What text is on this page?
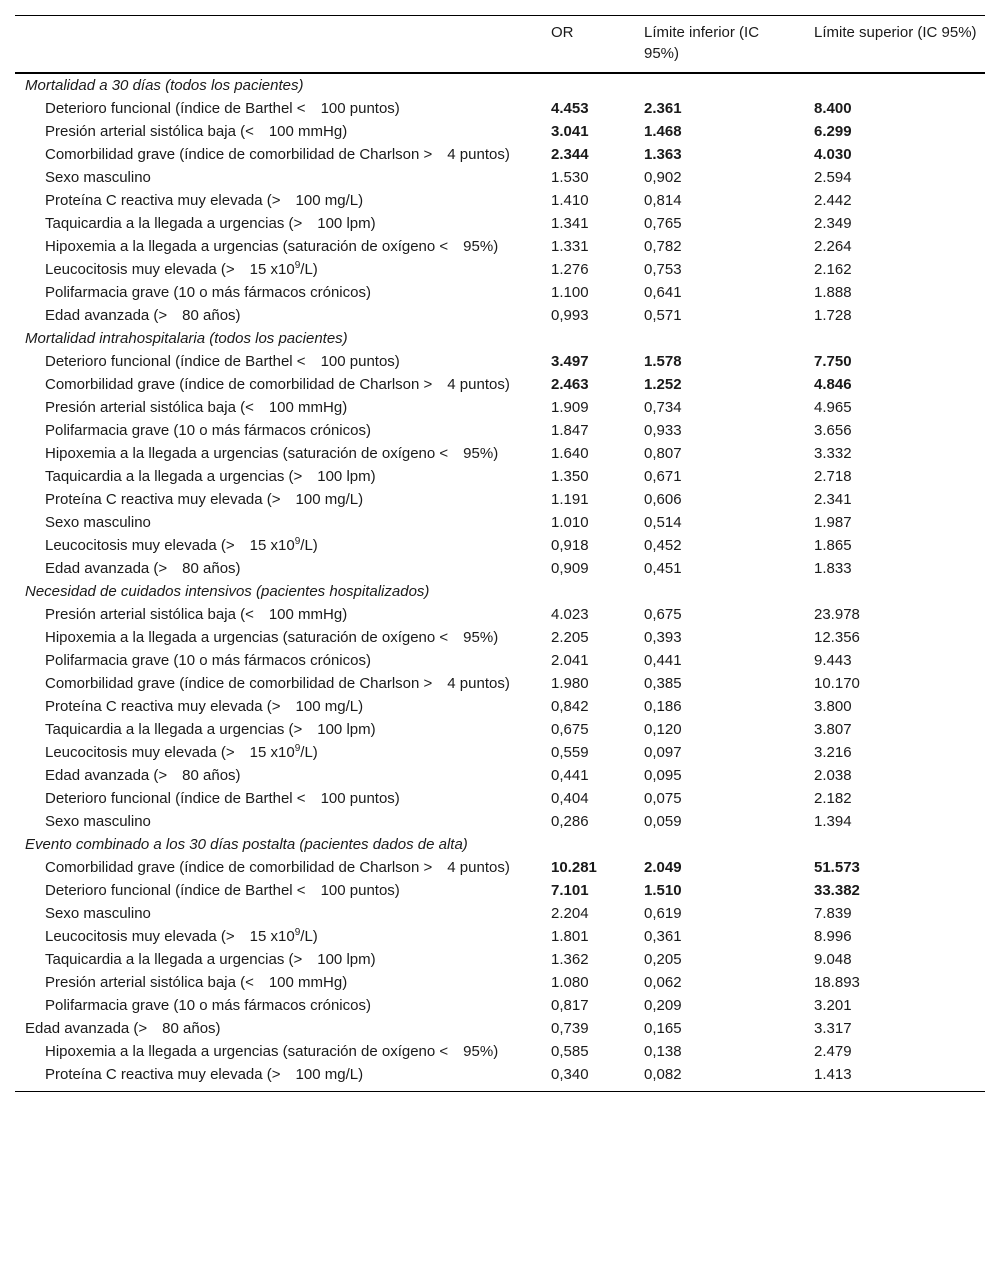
	OR	Límite inferior (IC 95%)	Límite superior (IC 95%)
Mortalidad a 30 días (todos los pacientes)			
Deterioro funcional (índice de Barthel < 100 puntos)	4.453	2.361	8.400
Presión arterial sistólica baja (< 100 mmHg)	3.041	1.468	6.299
Comorbilidad grave (índice de comorbilidad de Charlson > 4 puntos)	2.344	1.363	4.030
Sexo masculino	1.530	0,902	2.594
Proteína C reactiva muy elevada (> 100 mg/L)	1.410	0,814	2.442
Taquicardia a la llegada a urgencias (> 100 lpm)	1.341	0,765	2.349
Hipoxemia a la llegada a urgencias (saturación de oxígeno < 95%)	1.331	0,782	2.264
Leucocitosis muy elevada (> 15 $x10^9/L$)	1.276	0,753	2.162
Polifarmacia grave (10 o más fármacos crónicos)	1.100	0,641	1.888
Edad avanzada (> 80 años)	0,993	0,571	1.728
Mortalidad intrahospitalaria (todos los pacientes)			
Deterioro funcional (índice de Barthel < 100 puntos)	3.497	1.578	7.750
Comorbilidad grave (índice de comorbilidad de Charlson > 4 puntos)	2.463	1.252	4.846
Presión arterial sistólica baja (< 100 mmHg)	1.909	0,734	4.965
Polifarmacia grave (10 o más fármacos crónicos)	1.847	0,933	3.656
Hipoxemia a la llegada a urgencias (saturación de oxígeno < 95%)	1.640	0,807	3.332
Taquicardia a la llegada a urgencias (> 100 lpm)	1.350	0,671	2.718
Proteína C reactiva muy elevada (> 100 mg/L)	1.191	0,606	2.341
Sexo masculino	1.010	0,514	1.987
Leucocitosis muy elevada (> 15 $x10^9/L$)	0,918	0,452	1.865
Edad avanzada (> 80 años)	0,909	0,451	1.833
Necesidad de cuidados intensivos (pacientes hospitalizados)			
Presión arterial sistólica baja (< 100 mmHg)	4.023	0,675	23.978
Hipoxemia a la llegada a urgencias (saturación de oxígeno < 95%)	2.205	0,393	12.356
Polifarmacia grave (10 o más fármacos crónicos)	2.041	0,441	9.443
Comorbilidad grave (índice de comorbilidad de Charlson > 4 puntos)	1.980	0,385	10.170
Proteína C reactiva muy elevada (> 100 mg/L)	0,842	0,186	3.800
Taquicardia a la llegada a urgencias (> 100 lpm)	0,675	0,120	3.807
Leucocitosis muy elevada (> 15 $x10^9/L$)	0,559	0,097	3.216
Edad avanzada (> 80 años)	0,441	0,095	2.038
Deterioro funcional (índice de Barthel < 100 puntos)	0,404	0,075	2.182
Sexo masculino	0,286	0,059	1.394
Evento combinado a los 30 días postalta (pacientes dados de alta)			
Comorbilidad grave (índice de comorbilidad de Charlson > 4 puntos)	10.281	2.049	51.573
Deterioro funcional (índice de Barthel < 100 puntos)	7.101	1.510	33.382
Sexo masculino	2.204	0,619	7.839
Leucocitosis muy elevada (> 15 $x10^9/L$)	1.801	0,361	8.996
Taquicardia a la llegada a urgencias (> 100 lpm)	1.362	0,205	9.048
Presión arterial sistólica baja (< 100 mmHg)	1.080	0,062	18.893
Polifarmacia grave (10 o más fármacos crónicos)	0,817	0,209	3.201
Edad avanzada (> 80 años)	0,739	0,165	3.317
Hipoxemia a la llegada a urgencias (saturación de oxígeno < 95%)	0,585	0,138	2.479
Proteína C reactiva muy elevada (> 100 mg/L)	0,340	0,082	1.413
